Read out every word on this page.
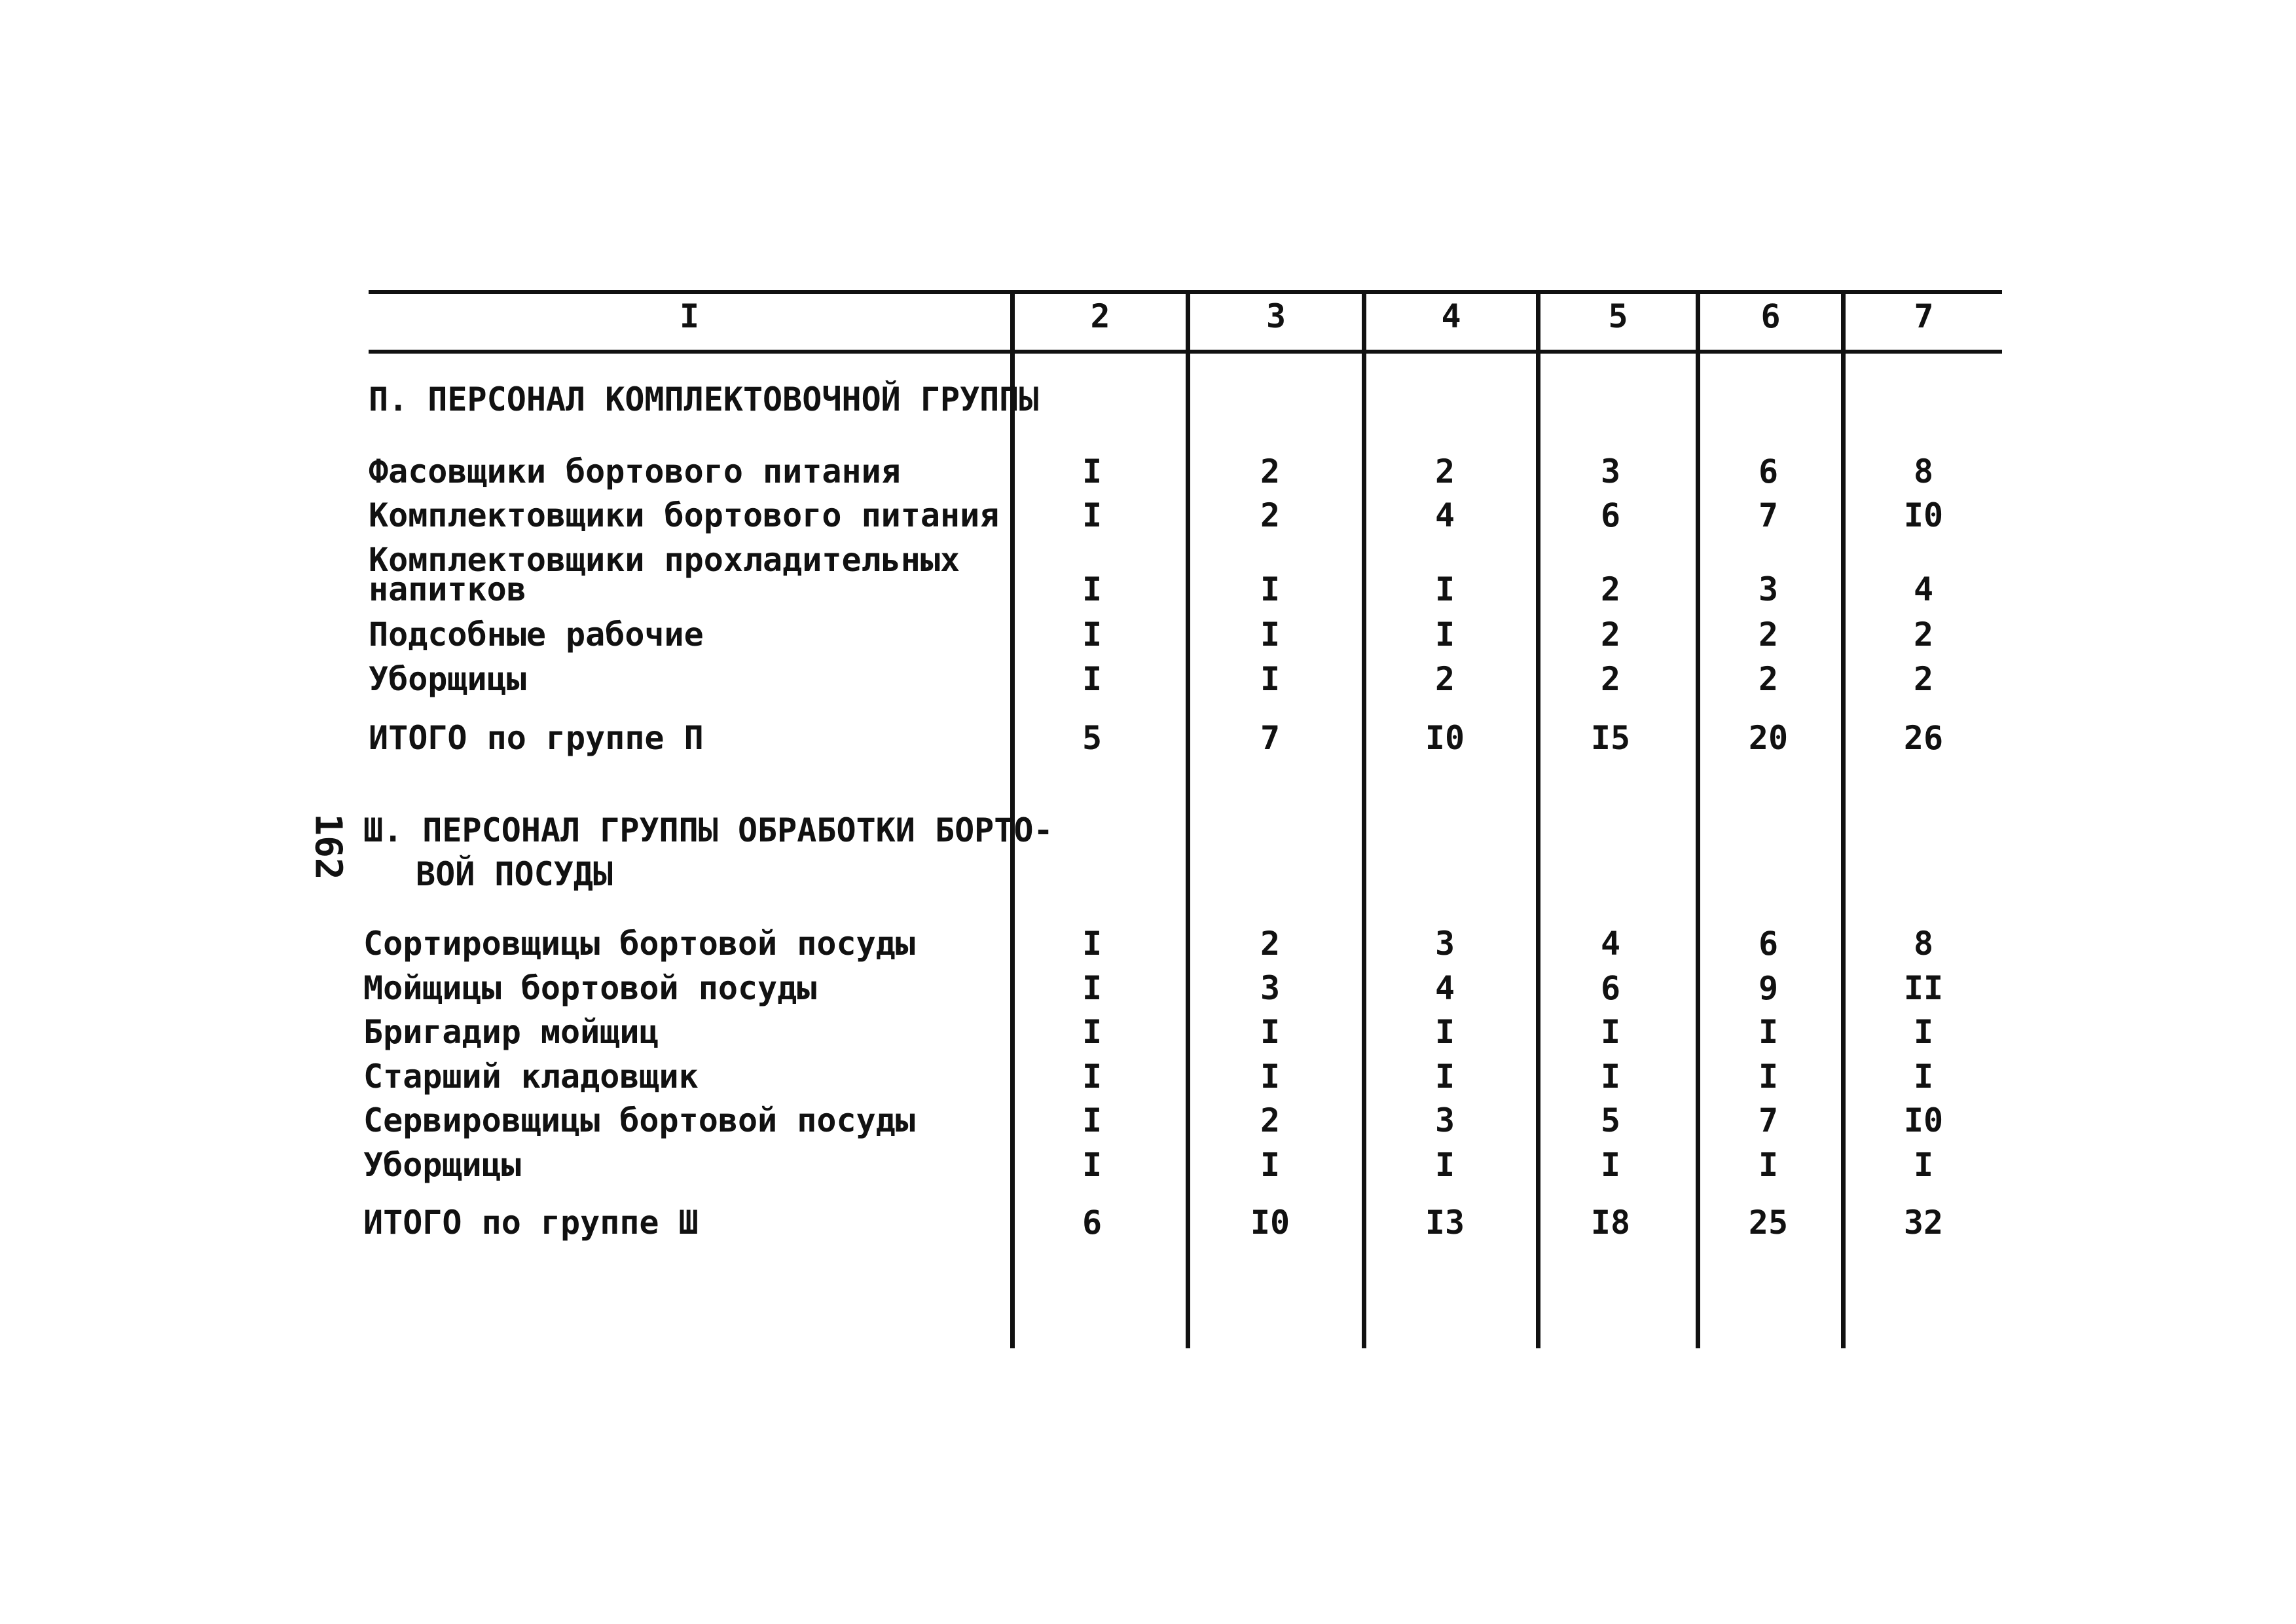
162
I	2	3	4	5	6	7
П. ПЕРСОНАЛ КОМПЛЕКТОВОЧНОЙ ГРУППЫ
Фасовщики бортового питания	I	2	2	3	6	8
Комплектовщики бортового питания	I	2	4	6	7	I0
Комплектовщики прохладительных
напитков	I	I	I	2	3	4
Подсобные рабочие	I	I	I	2	2	2
Уборщицы	I	I	2	2	2	2
ИТОГО по группе П	5	7	I0	I5	20	26
Ш. ПЕРСОНАЛ ГРУППЫ ОБРАБОТКИ БОРТО-
ВОЙ ПОСУДЫ
Сортировщицы бортовой посуды	I	2	3	4	6	8
Мойщицы бортовой посуды	I	3	4	6	9	II
Бригадир мойщиц	I	I	I	I	I	I
Старший кладовщик	I	I	I	I	I	I
Сервировщицы бортовой посуды	I	2	3	5	7	I0
Уборщицы	I	I	I	I	I	I
ИТОГО по группе Ш	6	I0	I3	I8	25	32
